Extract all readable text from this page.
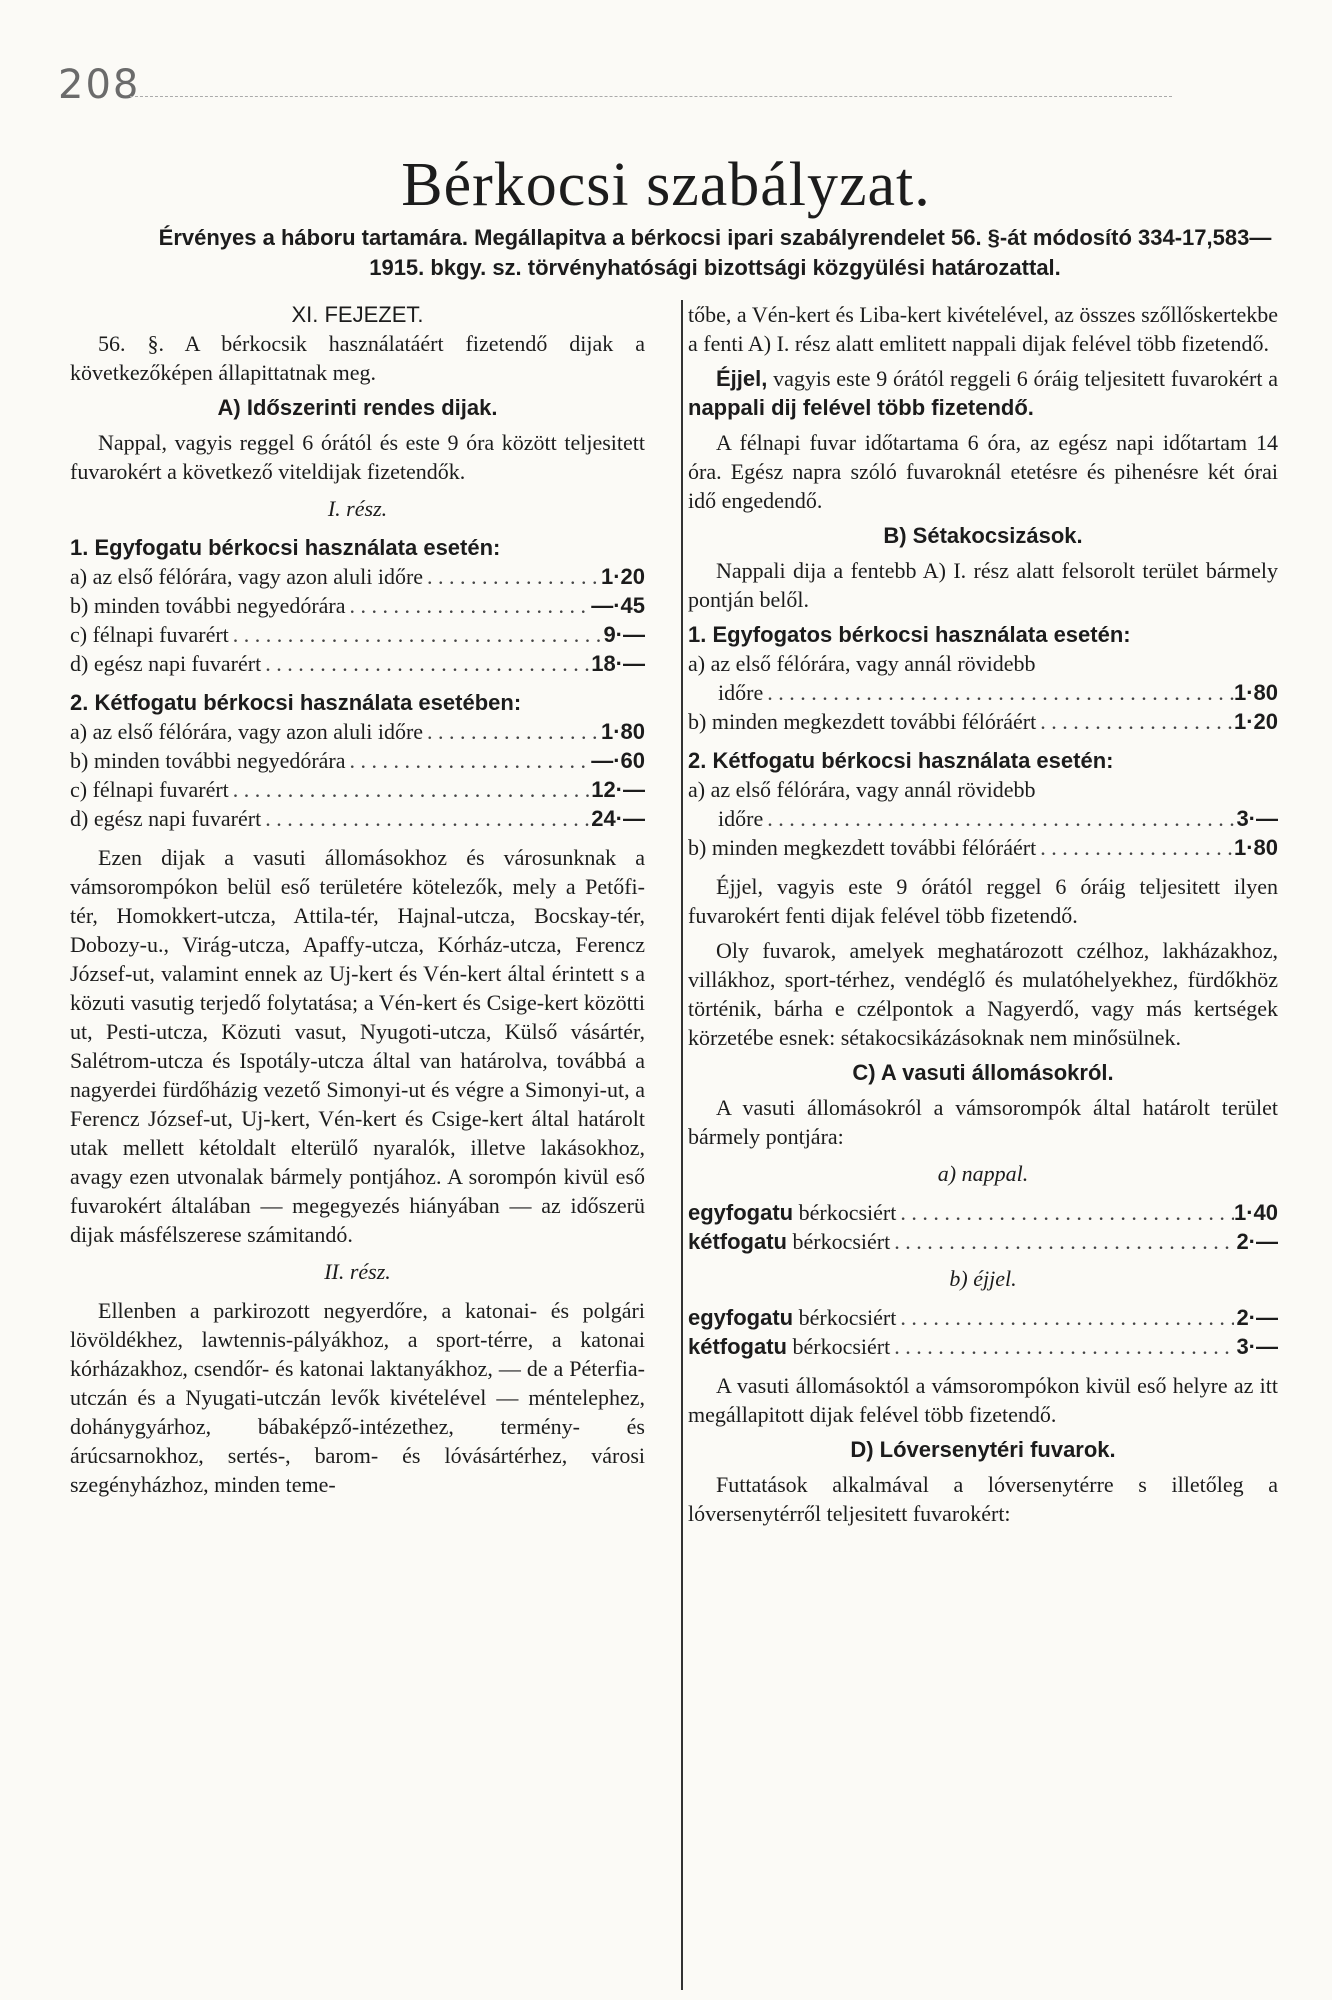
208
Bérkocsi szabályzat.
Érvényes a háboru tartamára. Megállapitva a bérkocsi ipari szabályrendelet 56. §-át módosító 334-17,583—1915. bkgy. sz. törvényhatósági bizottsági közgyülési határozattal.
XI. FEJEZET.

56. §. A bérkocsik használatáért fizetendő dijak a következőképen állapittatnak meg.

A) Időszerinti rendes dijak.

Nappal, vagyis reggel 6 órától és este 9 óra között teljesitett fuvarokért a következő viteldijak fizetendők.

I. rész.
1. Egyfogatu bérkocsi használata esetén:
a) az első félórára, vagy azon aluli időre . . .	1·20
b) minden további negyedórára . . .	—·45
c) félnapi fuvarért . . .	9·—
d) egész napi fuvarért . . .	18·—
2. Kétfogatu bérkocsi használata esetében:
a) az első félórára, vagy azon aluli időre . . .	1·80
b) minden további negyedórára . . .	—·60
c) félnapi fuvarért . . .	12·—
d) egész napi fuvarért . . .	24·—

Ezen dijak a vasuti állomásokhoz és városunknak a vámsorompókon belül eső területére kötelezők, mely a Petőfi-tér, Homokkert-utcza, Attila-tér, Hajnal-utcza, Bocskay-tér, Dobozy-u., Virág-utcza, Apaffy-utcza, Kórház-utcza, Ferencz József-ut, valamint ennek az Uj-kert és Vén-kert által érintett s a közuti vasutig terjedő folytatása; a Vén-kert és Csige-kert közötti ut, Pesti-utcza, Közuti vasut, Nyugoti-utcza, Külső vásártér, Salétrom-utcza és Ispotály-utcza által van határolva, továbbá a nagyerdei fürdőházig vezető Simonyi-ut és végre a Simonyi-ut, a Ferencz József-ut, Uj-kert, Vén-kert és Csige-kert által határolt utak mellett kétoldalt elterülő nyaralók, illetve lakásokhoz, avagy ezen utvonalak bármely pontjához. A sorompón kivül eső fuvarokért általában — megegyezés hiányában — az időszerü dijak másfélszerese számitandó.

II. rész.

Ellenben a parkirozott negyerdőre, a katonai- és polgári lövöldékhez, lawtennis-pályákhoz, a sport-térre, a katonai kórházakhoz, csendőr- és katonai laktanyákhoz, — de a Péterfia-utczán és a Nyugati-utczán levők kivételével — méntelephez, dohánygyárhoz, bábaképző-intézethez, termény- és árúcsarnokhoz, sertés-, barom- és lóvásártérhez, városi szegényházhoz, minden teme-

tőbe, a Vén-kert és Liba-kert kivételével, az összes szőllőskertekbe a fenti A) I. rész alatt emlitett nappali dijak felével több fizetendő.

Éjjel, vagyis este 9 órától reggeli 6 óráig teljesitett fuvarokért a nappali dij felével több fizetendő.

A félnapi fuvar időtartama 6 óra, az egész napi időtartam 14 óra. Egész napra szóló fuvaroknál etetésre és pihenésre két órai idő engedendő.

B) Sétakocsizások.

Nappali dija a fentebb A) I. rész alatt felsorolt terület bármely pontján belől.

1. Egyfogatos bérkocsi használata esetén:
a) az első félórára, vagy annál rövidebb
időre . . .	1·80
b) minden megkezdett további félóráért . . .	1·20
2. Kétfogatu bérkocsi használata esetén:
a) az első félórára, vagy annál rövidebb
időre . . .	3·—
b) minden megkezdett további félóráért . . .	1·80

Éjjel, vagyis este 9 órától reggel 6 óráig teljesitett ilyen fuvarokért fenti dijak felével több fizetendő.

Oly fuvarok, amelyek meghatározott czélhoz, lakházakhoz, villákhoz, sport-térhez, vendéglő és mulatóhelyekhez, fürdőkhöz történik, bárha e czélpontok a Nagyerdő, vagy más kertségek körzetébe esnek: sétakocsikázásoknak nem minősülnek.

C) A vasuti állomásokról.

A vasuti állomásokról a vámsorompók által határolt terület bármely pontjára:

a) nappal.
egyfogatu bérkocsiért . . .	1·40
kétfogatu bérkocsiért . . .	2·—
b) éjjel.
egyfogatu bérkocsiért . . .	2·—
kétfogatu bérkocsiért . . .	3·—

A vasuti állomásoktól a vámsorompókon kivül eső helyre az itt megállapitott dijak felével több fizetendő.

D) Lóversenytéri fuvarok.

Futtatások alkalmával a lóversenytérre s illetőleg a lóversenytérről teljesitett fuvarokért:
